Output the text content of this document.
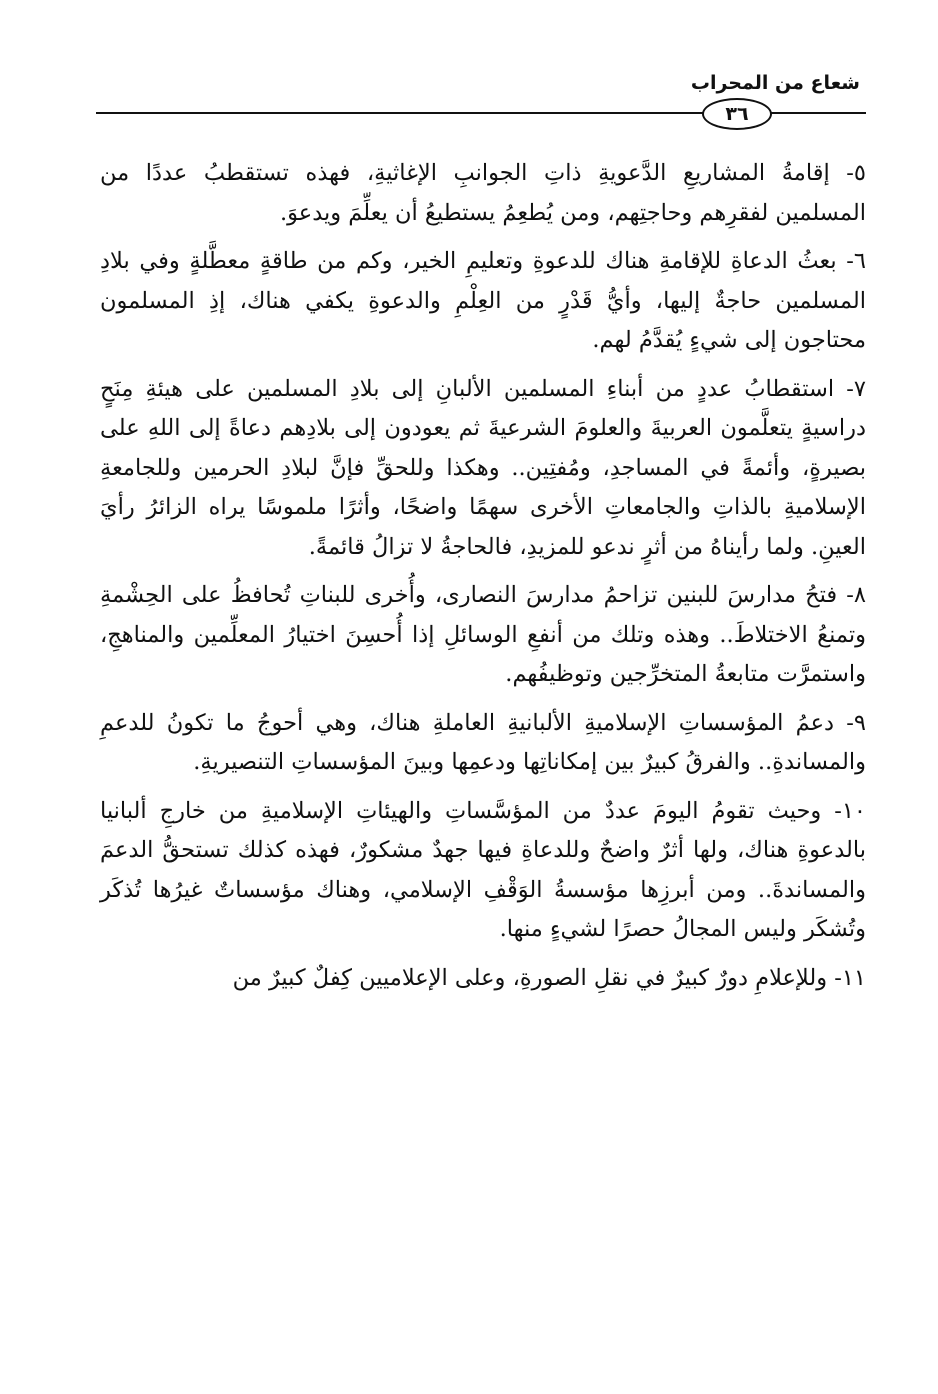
شعاع من المحراب
٣٦

٥- إقامةُ المشاريعِ الدَّعويةِ ذاتِ الجوانبِ الإغاثيةِ، فهذه تستقطبُ عددًا من المسلمين لفقرِهم وحاجتِهم، ومن يُطعِمُ يستطيعُ أن يعلِّمَ ويدعوَ.

٦- بعثُ الدعاةِ للإقامةِ هناك للدعوةِ وتعليمِ الخير، وكم من طاقةٍ معطَّلةٍ وفي بلادِ المسلمين حاجةٌ إليها، وأيُّ قَدْرٍ من العِلْمِ والدعوةِ يكفي هناك، إذِ المسلمون محتاجون إلى شيءٍ يُقدَّمُ لهم.

٧- استقطابُ عددٍ من أبناءِ المسلمين الألبانِ إلى بلادِ المسلمين على هيئةِ مِنَحٍ دراسيةٍ يتعلَّمون العربيةَ والعلومَ الشرعيةَ ثم يعودون إلى بلادِهم دعاةً إلى اللهِ على بصيرةٍ، وأئمةً في المساجدِ، ومُفتِين.. وهكذا وللحقِّ فإنَّ لبلادِ الحرمين وللجامعةِ الإسلاميةِ بالذاتِ والجامعاتِ الأخرى سهمًا واضحًا، وأثرًا ملموسًا يراه الزائرُ رأيَ العينِ. ولما رأيناهُ من أثرٍ ندعو للمزيدِ، فالحاجةُ لا تزالُ قائمةً.

٨- فتحُ مدارسَ للبنين تزاحمُ مدارسَ النصارى، وأُخرى للبناتِ تُحافظُ على الحِشْمةِ وتمنعُ الاختلاطَ.. وهذه وتلك من أنفعِ الوسائلِ إذا أُحسِنَ اختيارُ المعلِّمين والمناهجِ، واستمرَّت متابعةُ المتخرِّجين وتوظيفُهم.

٩- دعمُ المؤسساتِ الإسلاميةِ الألبانيةِ العاملةِ هناك، وهي أحوجُ ما تكونُ للدعمِ والمساندةِ.. والفرقُ كبيرٌ بين إمكاناتِها ودعمِها وبينَ المؤسساتِ التنصيريةِ.

١٠- وحيث تقومُ اليومَ عددٌ من المؤسَّساتِ والهيئاتِ الإسلاميةِ من خارجِ ألبانيا بالدعوةِ هناك، ولها أثرٌ واضحٌ وللدعاةِ فيها جهدٌ مشكورٌ، فهذه كذلك تستحقُّ الدعمَ والمساندةَ.. ومن أبرزِها مؤسسةُ الوَقْفِ الإسلامي، وهناك مؤسساتٌ غيرُها تُذكَر وتُشكَر وليس المجالُ حصرًا لشيءٍ منها.

١١- وللإعلامِ دورٌ كبيرٌ في نقلِ الصورةِ، وعلى الإعلاميين كِفلٌ كبيرٌ من
